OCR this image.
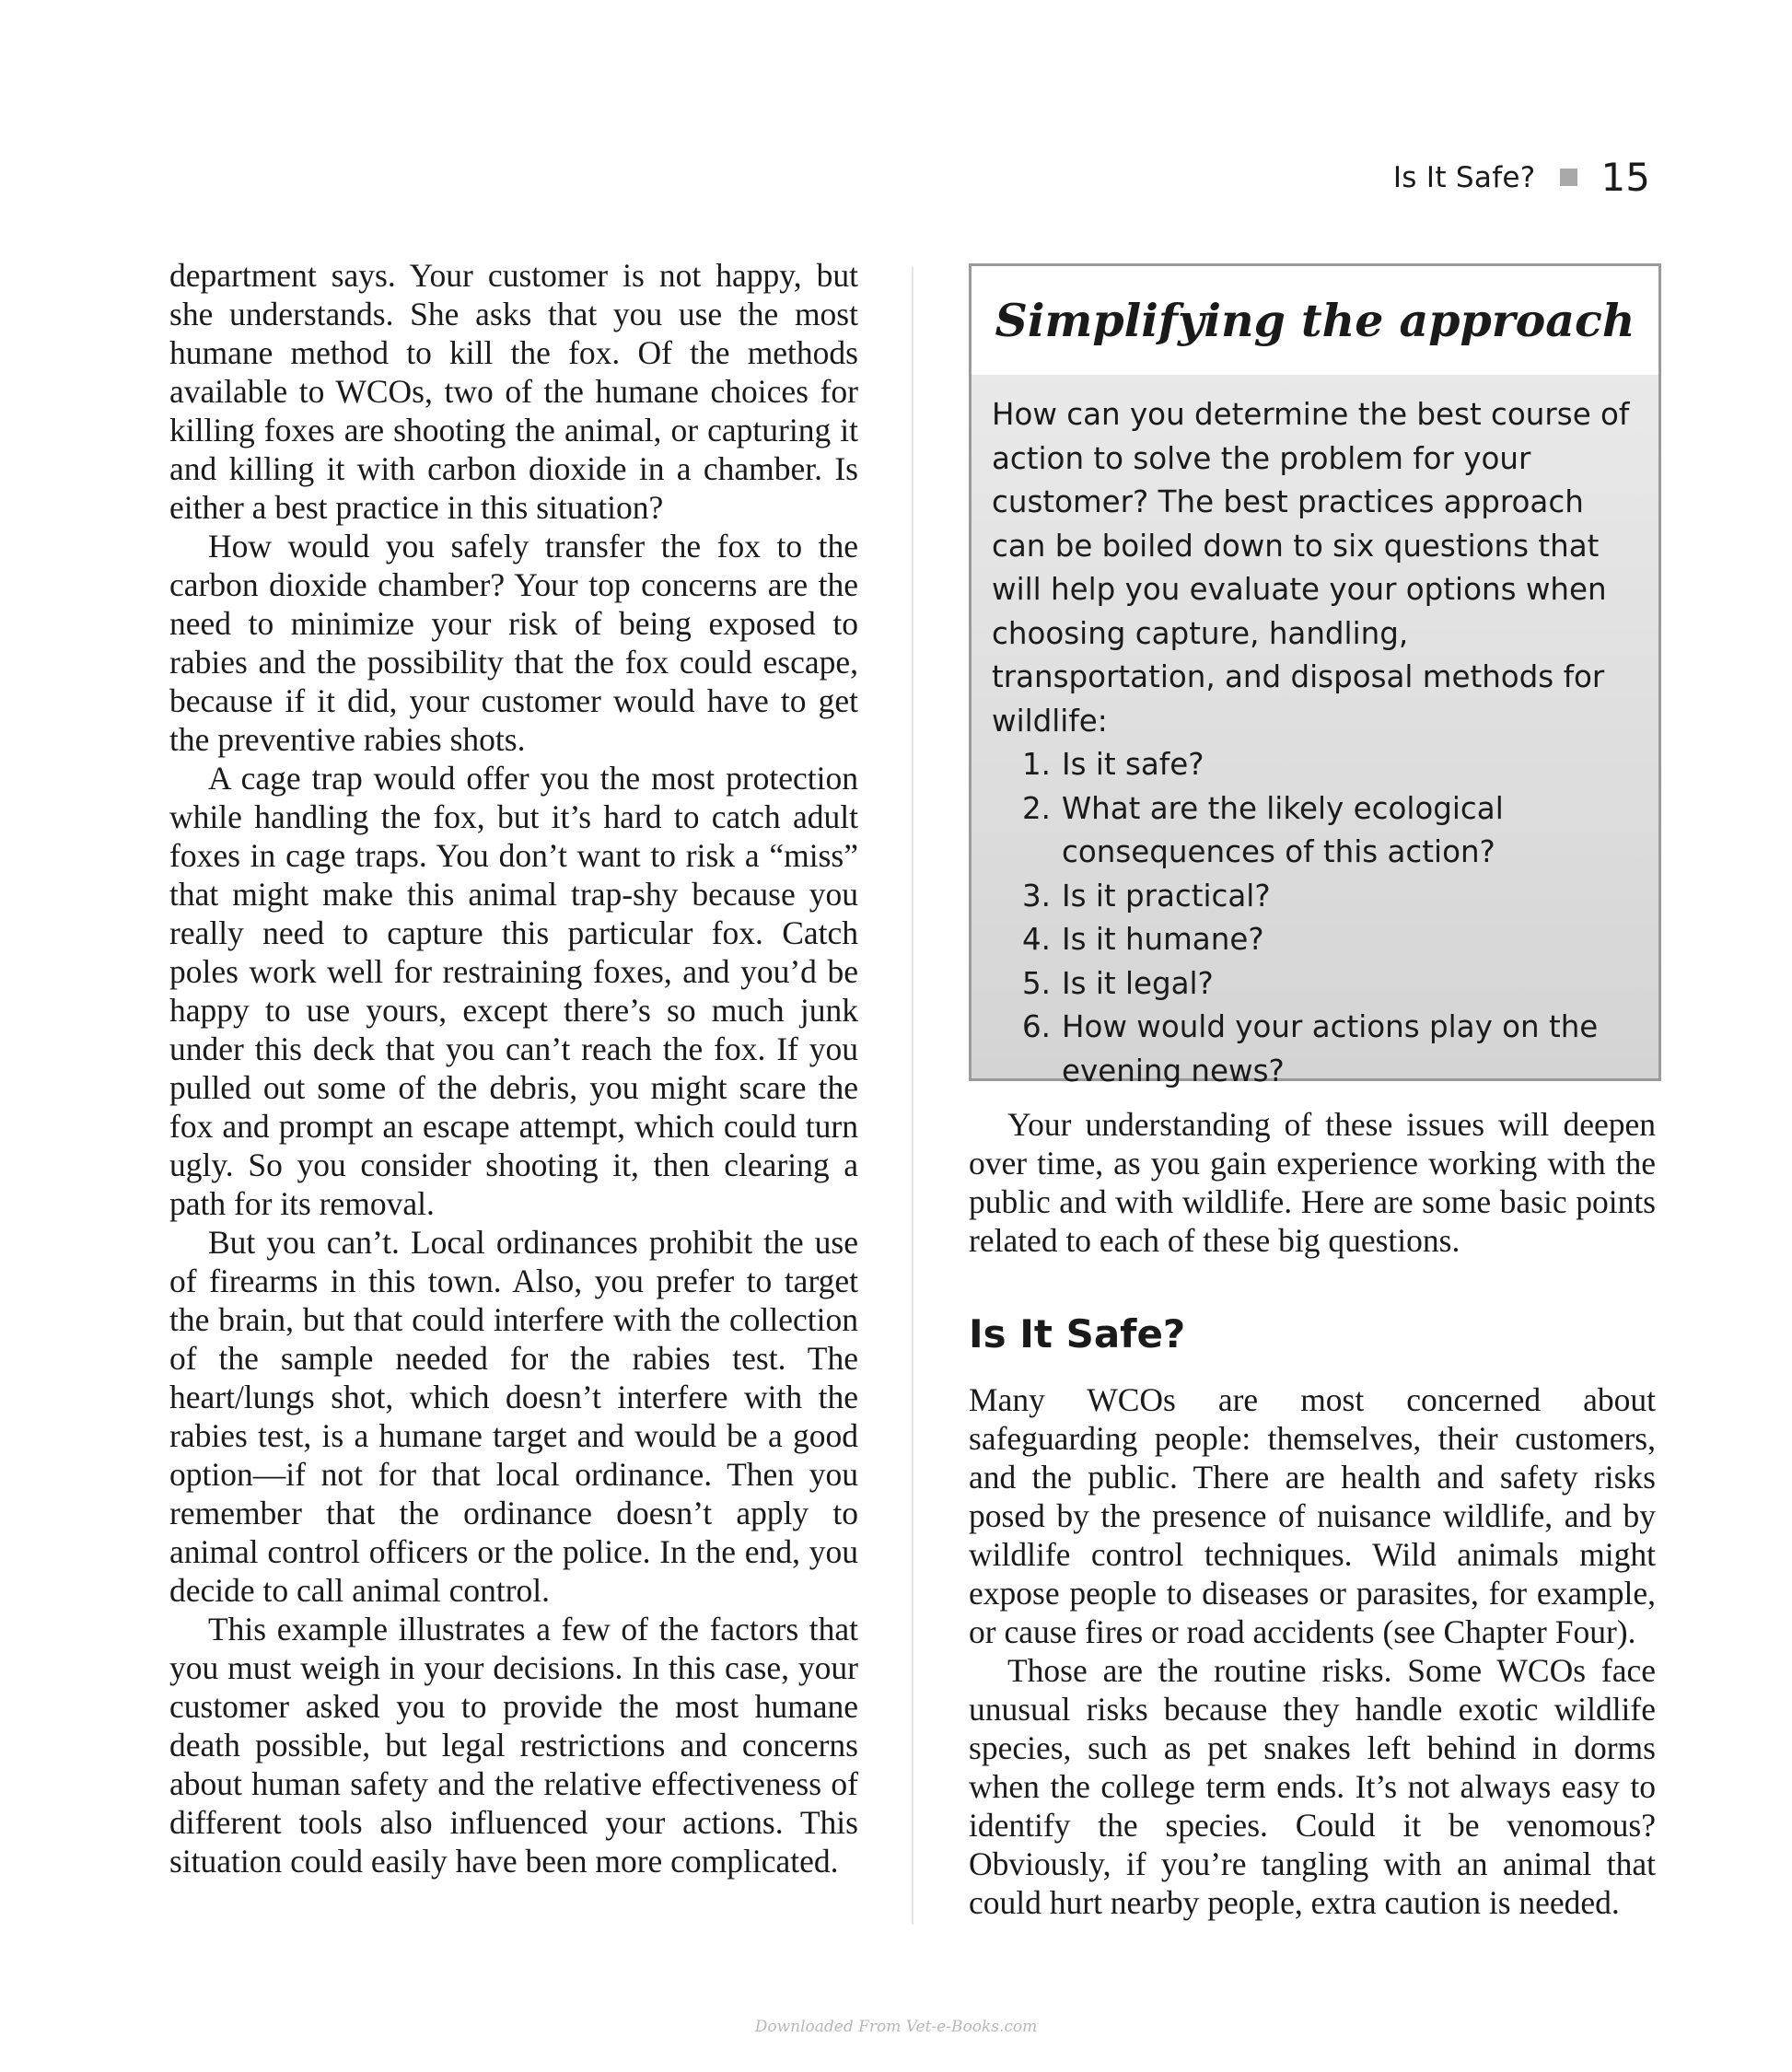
Is It Safe? 15

department says. Your customer is not happy, but she understands. She asks that you use the most humane method to kill the fox. Of the methods available to WCOs, two of the humane choices for killing foxes are shooting the animal, or capturing it and killing it with carbon dioxide in a chamber. Is either a best practice in this situation?

How would you safely transfer the fox to the carbon dioxide chamber? Your top concerns are the need to minimize your risk of being exposed to rabies and the possibility that the fox could escape, because if it did, your customer would have to get the preventive rabies shots.

A cage trap would offer you the most protection while handling the fox, but it’s hard to catch adult foxes in cage traps. You don’t want to risk a “miss” that might make this animal trap-shy because you really need to capture this particular fox. Catch poles work well for restraining foxes, and you’d be happy to use yours, except there’s so much junk under this deck that you can’t reach the fox. If you pulled out some of the debris, you might scare the fox and prompt an escape attempt, which could turn ugly. So you consider shooting it, then clearing a path for its removal.

But you can’t. Local ordinances prohibit the use of firearms in this town. Also, you prefer to target the brain, but that could interfere with the collection of the sample needed for the rabies test. The heart/lungs shot, which doesn’t interfere with the rabies test, is a humane target and would be a good option—if not for that local ordinance. Then you remember that the ordinance doesn’t apply to animal control officers or the police. In the end, you decide to call animal control.

This example illustrates a few of the factors that you must weigh in your decisions. In this case, your customer asked you to provide the most humane death possible, but legal restrictions and concerns about human safety and the relative effectiveness of different tools also influenced your actions. This situation could easily have been more complicated.

Simplifying the approach
How can you determine the best course of action to solve the problem for your customer? The best practices approach can be boiled down to six questions that will help you evaluate your options when choosing capture, handling, transportation, and disposal methods for wildlife:
1. Is it safe?
2. What are the likely ecological consequences of this action?
3. Is it practical?
4. Is it humane?
5. Is it legal?
6. How would your actions play on the evening news?

Your understanding of these issues will deepen over time, as you gain experience working with the public and with wildlife. Here are some basic points related to each of these big questions.

Is It Safe?

Many WCOs are most concerned about safeguarding people: themselves, their customers, and the public. There are health and safety risks posed by the presence of nuisance wildlife, and by wildlife control techniques. Wild animals might expose people to diseases or parasites, for example, or cause fires or road accidents (see Chapter Four).

Those are the routine risks. Some WCOs face unusual risks because they handle exotic wildlife species, such as pet snakes left behind in dorms when the college term ends. It’s not always easy to identify the species. Could it be venomous? Obviously, if you’re tangling with an animal that could hurt nearby people, extra caution is needed.

Downloaded From Vet-e-Books.com
